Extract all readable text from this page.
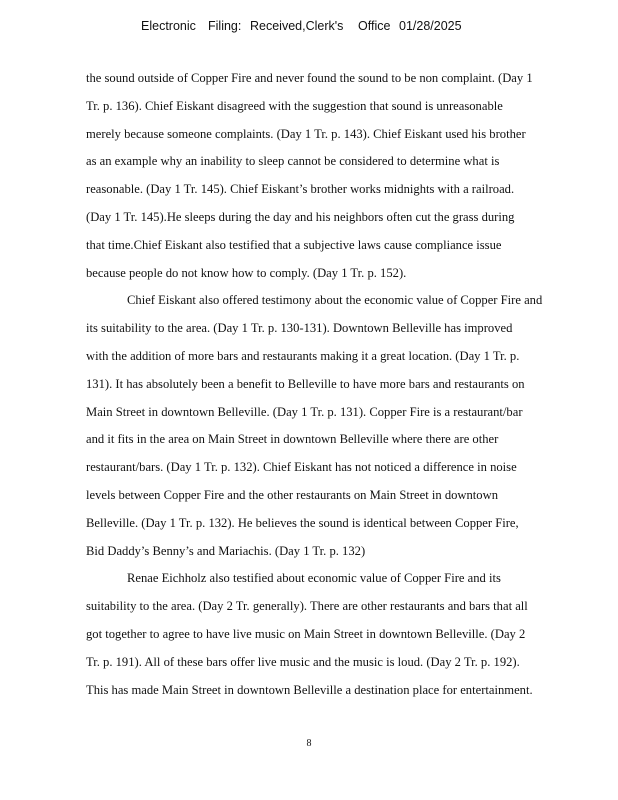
Electronic Filing: Received,Clerk's Office 01/28/2025
the sound outside of Copper Fire and never found the sound to be non complaint. (Day 1
Tr. p. 136). Chief Eiskant disagreed with the suggestion that sound is unreasonable
merely because someone complaints. (Day 1 Tr. p. 143). Chief Eiskant used his brother
as an example why an inability to sleep cannot be considered to determine what is
reasonable. (Day 1 Tr. 145). Chief Eiskant’s brother works midnights with a railroad.
(Day 1 Tr. 145).He sleeps during the day and his neighbors often cut the grass during
that time.Chief Eiskant also testified that a subjective laws cause compliance issue
because people do not know how to comply. (Day 1 Tr. p. 152).
Chief Eiskant also offered testimony about the economic value of Copper Fire and
its suitability to the area. (Day 1 Tr. p. 130-131). Downtown Belleville has improved
with the addition of more bars and restaurants making it a great location. (Day 1 Tr. p.
131). It has absolutely been a benefit to Belleville to have more bars and restaurants on
Main Street in downtown Belleville. (Day 1 Tr. p. 131). Copper Fire is a restaurant/bar
and it fits in the area on Main Street in downtown Belleville where there are other
restaurant/bars. (Day 1 Tr. p. 132). Chief Eiskant has not noticed a difference in noise
levels between Copper Fire and the other restaurants on Main Street in downtown
Belleville. (Day 1 Tr. p. 132). He believes the sound is identical between Copper Fire,
Bid Daddy’s Benny’s and Mariachis. (Day 1 Tr. p. 132)
Renae Eichholz also testified about economic value of Copper Fire and its
suitability to the area. (Day 2 Tr. generally). There are other restaurants and bars that all
got together to agree to have live music on Main Street in downtown Belleville. (Day 2
Tr. p. 191). All of these bars offer live music and the music is loud. (Day 2 Tr. p. 192).
This has made Main Street in downtown Belleville a destination place for entertainment.
8
